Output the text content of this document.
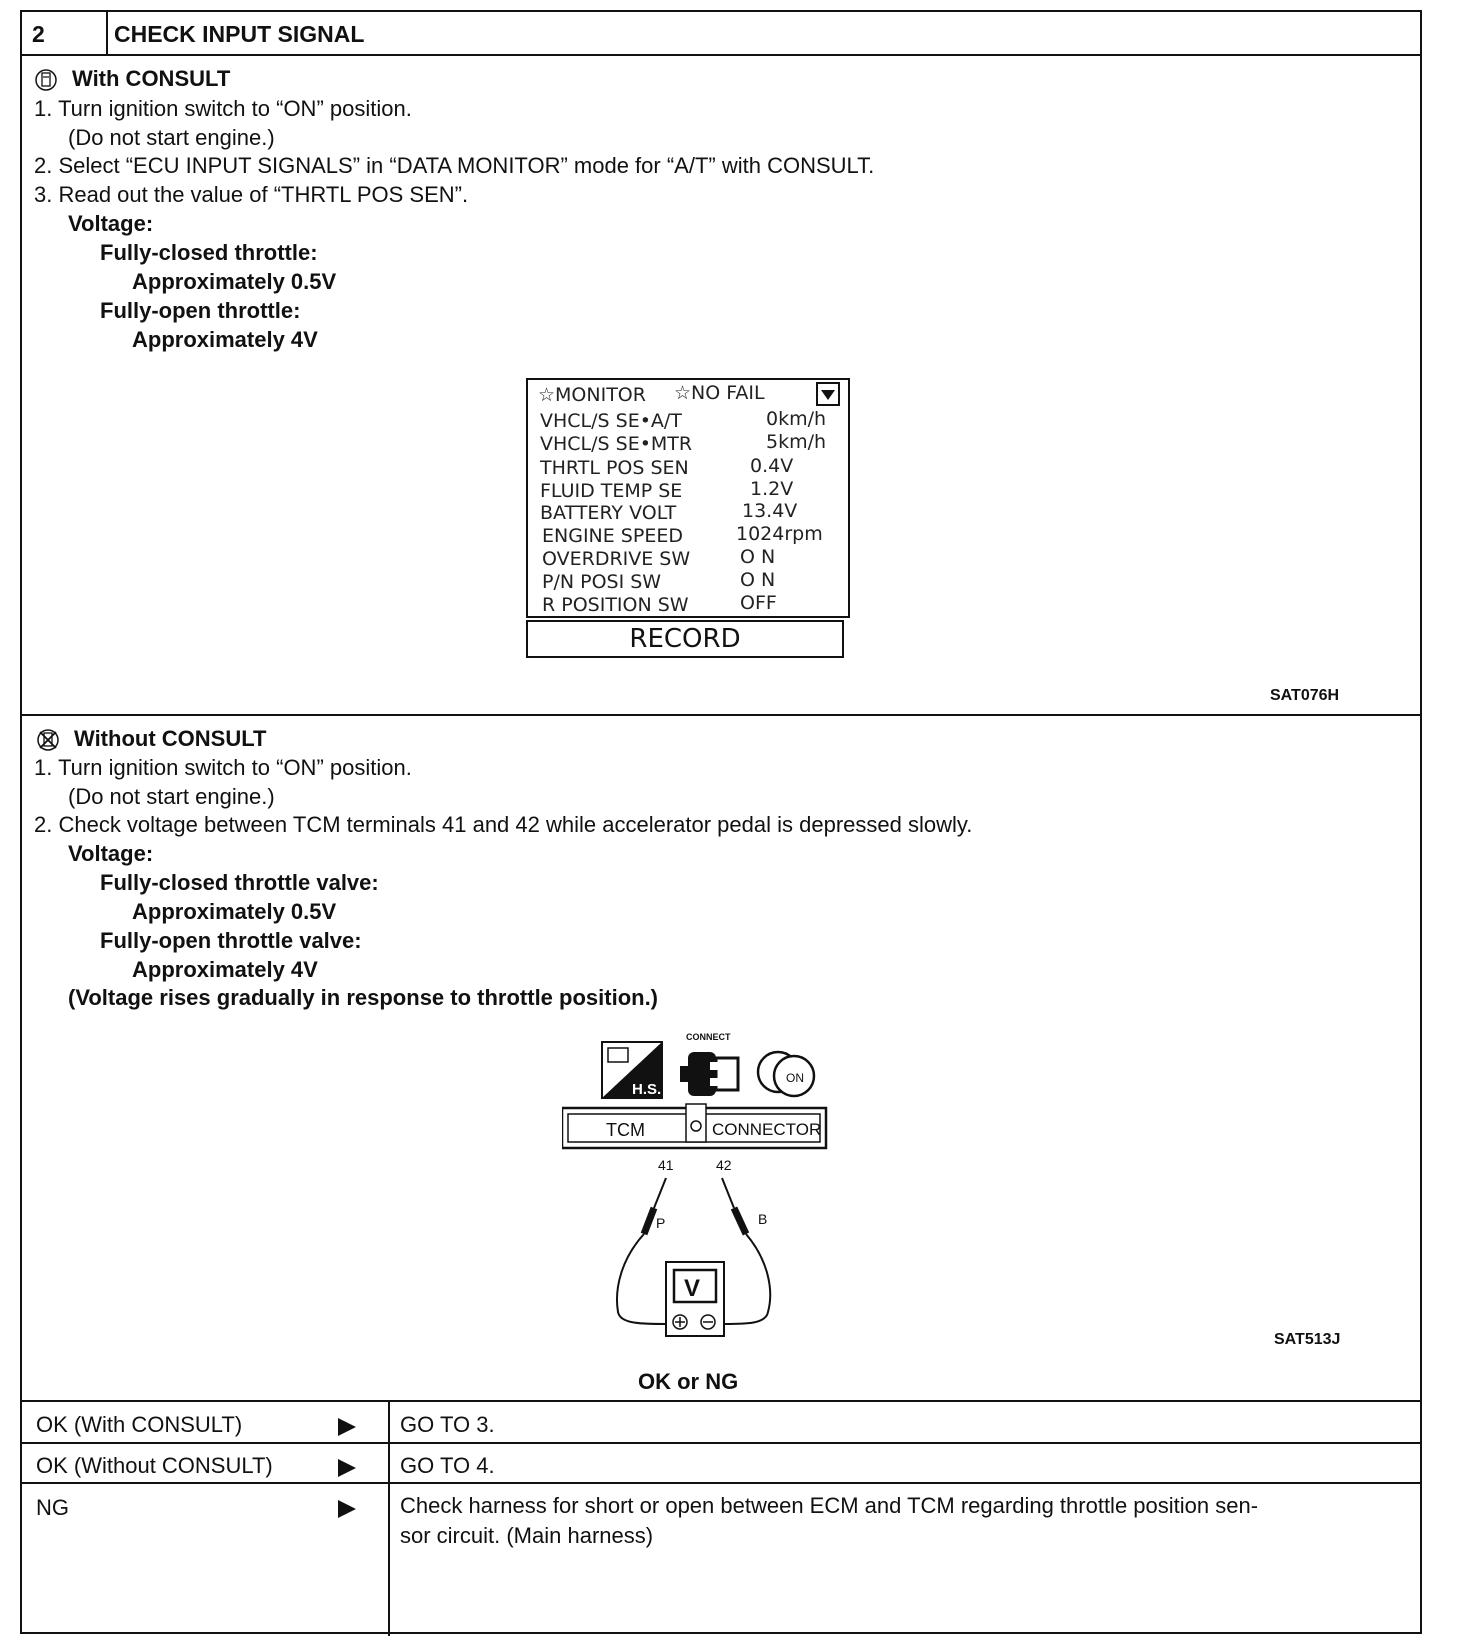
2	CHECK INPUT SIGNAL
With CONSULT
1. Turn ignition switch to “ON” position.
(Do not start engine.)
2. Select “ECU INPUT SIGNALS” in “DATA MONITOR” mode for “A/T” with CONSULT.
3. Read out the value of “THRTL POS SEN”.
Voltage:
Fully-closed throttle:
Approximately 0.5V
Fully-open throttle:
Approximately 4V
☆MONITOR ☆NO FAIL
VHCL/S SE•A/T	0km/h
VHCL/S SE•MTR	5km/h
THRTL POS SEN	0.4V
FLUID TEMP SE	1.2V
BATTERY VOLT	13.4V
ENGINE SPEED	1024rpm
OVERDRIVE SW	O N
P/N POSI SW	O N
R POSITION SW	OFF
RECORD
SAT076H
Without CONSULT
1. Turn ignition switch to “ON” position.
(Do not start engine.)
2. Check voltage between TCM terminals 41 and 42 while accelerator pedal is depressed slowly.
Voltage:
Fully-closed throttle valve:
Approximately 0.5V
Fully-open throttle valve:
Approximately 4V
(Voltage rises gradually in response to throttle position.)
H.S.
CONNECT
ON
TCM	CONNECTOR
41	42
P	B
V
SAT513J
OK or NG
OK (With CONSULT)	GO TO 3.
OK (Without CONSULT)	GO TO 4.
NG	Check harness for short or open between ECM and TCM regarding throttle position sen-
sor circuit. (Main harness)
